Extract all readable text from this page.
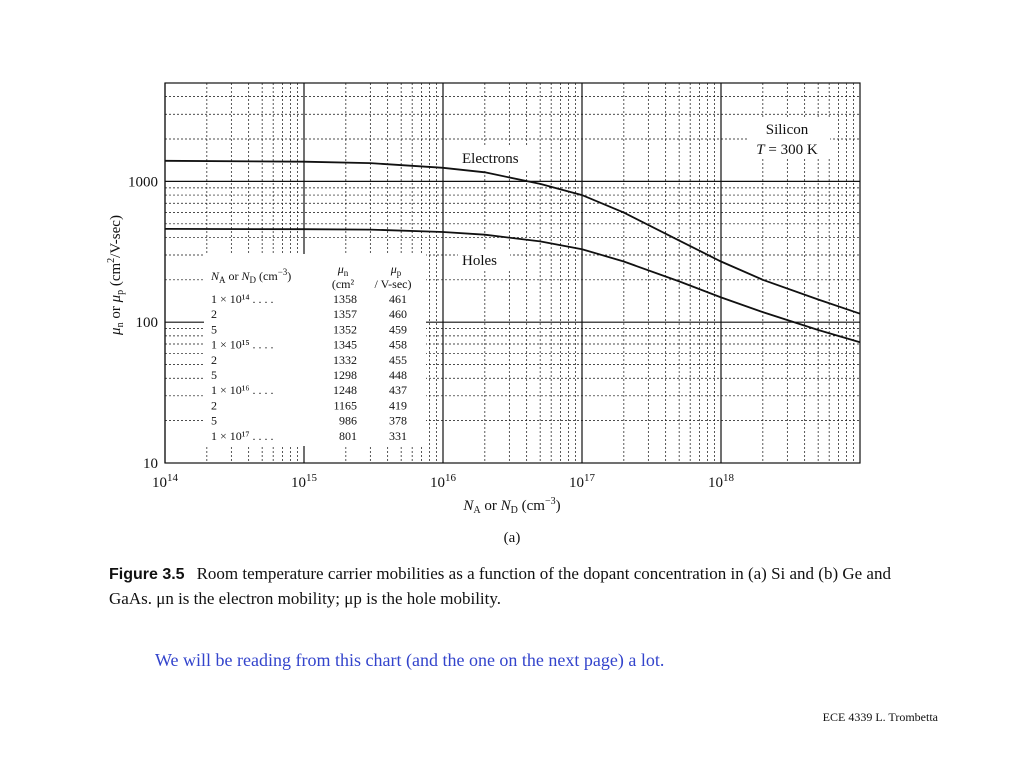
$10^{14}$	$10^{15}$	$10^{16}$	$10^{17}$	$10^{18}$
1000
100
10
$N_A$ or $N_D$ $(cm^{-3})$
$\mu_n$ or $\mu_p$ $(cm^2/V-\sec)$
(a)
Silicon
T = 300 K
Electrons
Holes
$N_A$ or $N_D$ $(cm^{-3})$	$\mu_n$	$\mu_p$
(cm² / V-sec)
1 × 10¹⁴ . . . .	1358	461
2	1357	460
5	1352	459
1 × 10¹⁵ . . . .	1345	458
2	1332	455
5	1298	448
1 × 10¹⁶ . . . .	1248	437
2	1165	419
5	986	378
1 × 10¹⁷ . . . .	801	331
Figure 3.5 Room temperature carrier mobilities as a function of the dopant concentration in (a) Si and (b) Ge and GaAs. μn is the electron mobility; μp is the hole mobility.
We will be reading from this chart (and the one on the next page) a lot.
ECE 4339 L. Trombetta
